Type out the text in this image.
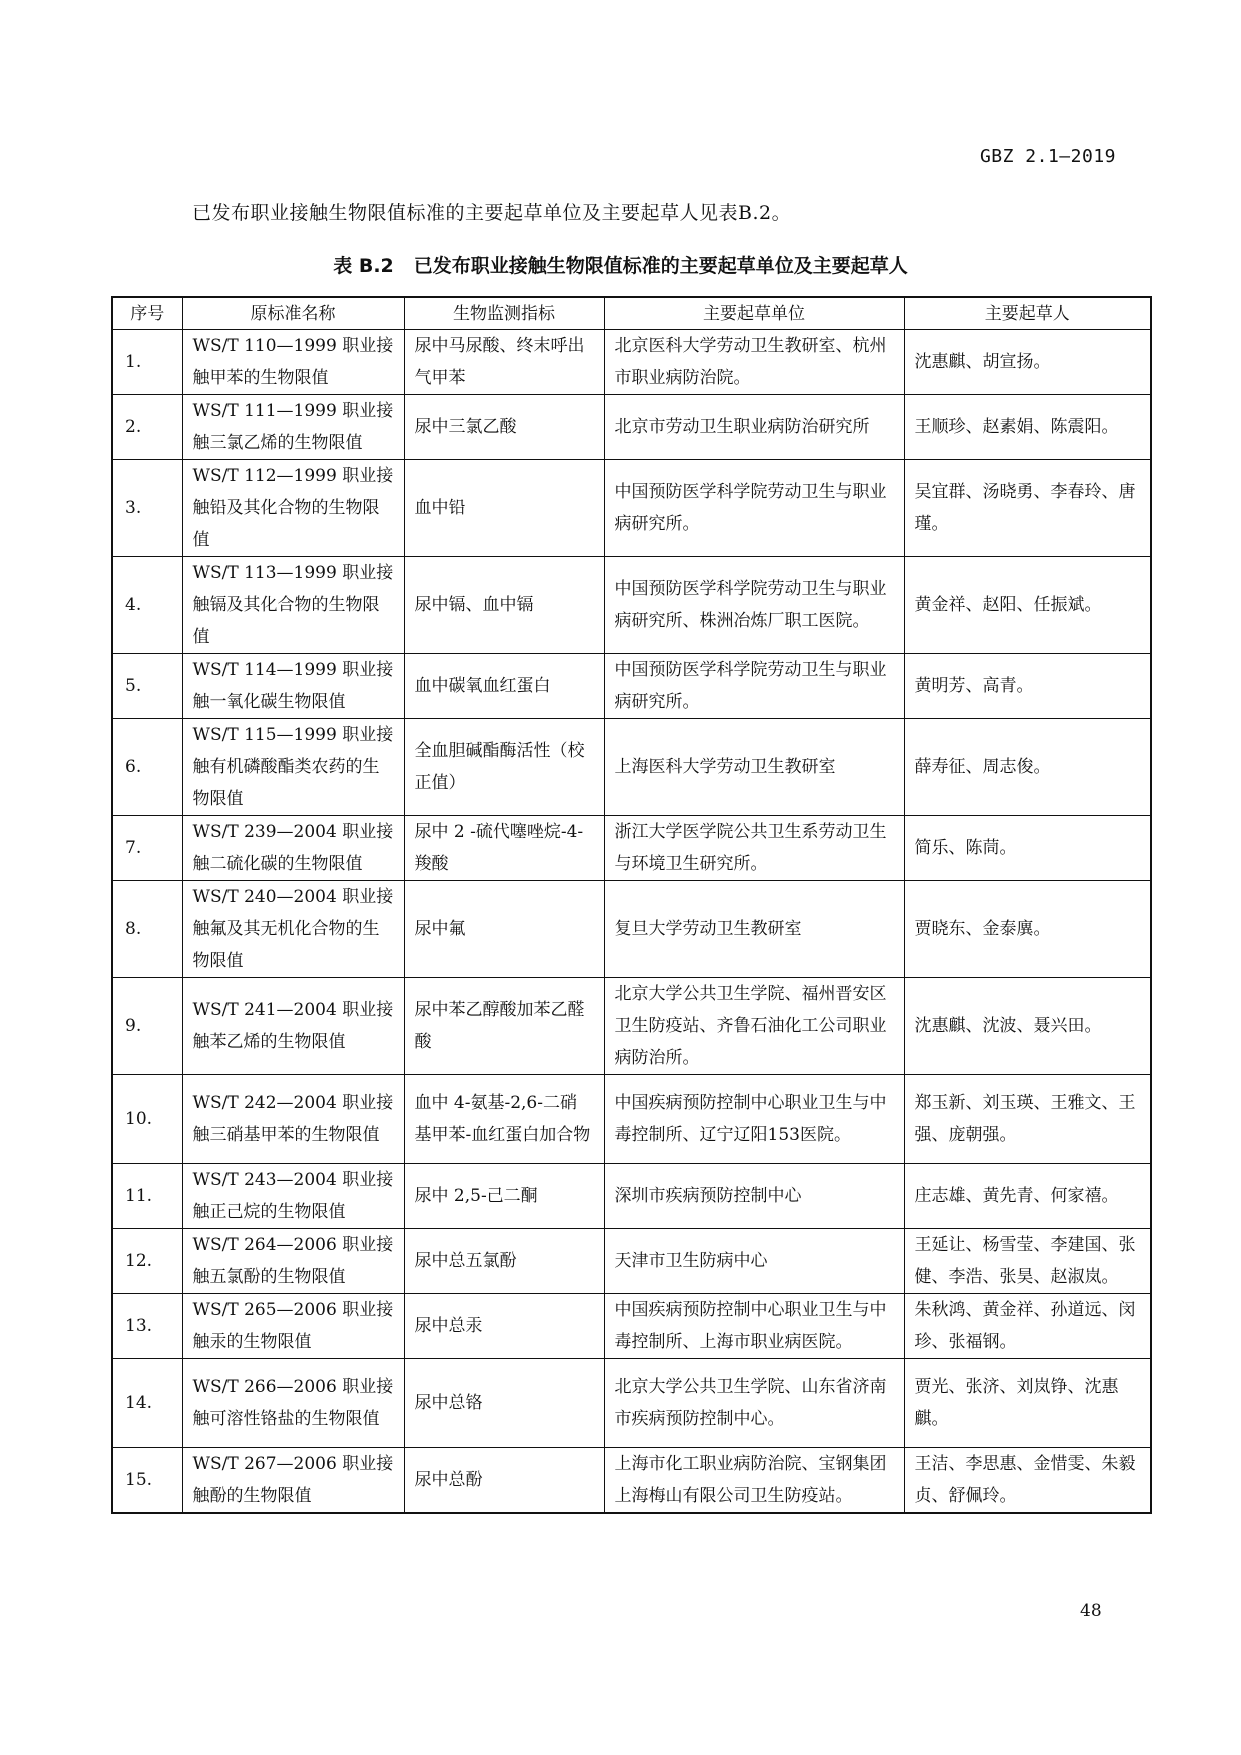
GBZ 2.1—2019
已发布职业接触生物限值标准的主要起草单位及主要起草人见表B.2。
表 B.2 已发布职业接触生物限值标准的主要起草单位及主要起草人
序号	原标准名称	生物监测指标	主要起草单位	主要起草人
1.	WS/T 110—1999 职业接触甲苯的生物限值	尿中马尿酸、终末呼出气甲苯	北京医科大学劳动卫生教研室、杭州市职业病防治院。	沈惠麒、胡宣扬。
2.	WS/T 111—1999 职业接触三氯乙烯的生物限值	尿中三氯乙酸	北京市劳动卫生职业病防治研究所	王顺珍、赵素娟、陈震阳。
3.	WS/T 112—1999 职业接触铅及其化合物的生物限值	血中铅	中国预防医学科学院劳动卫生与职业病研究所。	吴宜群、汤晓勇、李春玲、唐瑾。
4.	WS/T 113—1999 职业接触镉及其化合物的生物限值	尿中镉、血中镉	中国预防医学科学院劳动卫生与职业病研究所、株洲冶炼厂职工医院。	黄金祥、赵阳、任振斌。
5.	WS/T 114—1999 职业接触一氧化碳生物限值	血中碳氧血红蛋白	中国预防医学科学院劳动卫生与职业病研究所。	黄明芳、高青。
6.	WS/T 115—1999 职业接触有机磷酸酯类农药的生物限值	全血胆碱酯酶活性（校正值）	上海医科大学劳动卫生教研室	薛寿征、周志俊。
7.	WS/T 239—2004 职业接触二硫化碳的生物限值	尿中 2 -硫代噻唑烷-4-羧酸	浙江大学医学院公共卫生系劳动卫生与环境卫生研究所。	简乐、陈茼。
8.	WS/T 240—2004 职业接触氟及其无机化合物的生物限值	尿中氟	复旦大学劳动卫生教研室	贾晓东、金泰廙。
9.	WS/T 241—2004 职业接触苯乙烯的生物限值	尿中苯乙醇酸加苯乙醛酸	北京大学公共卫生学院、福州晋安区卫生防疫站、齐鲁石油化工公司职业病防治所。	沈惠麒、沈波、聂兴田。
10.	WS/T 242—2004 职业接触三硝基甲苯的生物限值	血中 4-氨基-2,6-二硝基甲苯-血红蛋白加合物	中国疾病预防控制中心职业卫生与中毒控制所、辽宁辽阳153医院。	郑玉新、刘玉瑛、王雅文、王强、庞朝强。
11.	WS/T 243—2004 职业接触正己烷的生物限值	尿中 2,5-己二酮	深圳市疾病预防控制中心	庄志雄、黄先青、何家禧。
12.	WS/T 264—2006 职业接触五氯酚的生物限值	尿中总五氯酚	天津市卫生防病中心	王延让、杨雪莹、李建国、张健、李浩、张昊、赵淑岚。
13.	WS/T 265—2006 职业接触汞的生物限值	尿中总汞	中国疾病预防控制中心职业卫生与中毒控制所、上海市职业病医院。	朱秋鸿、黄金祥、孙道远、闵珍、张福钢。
14.	WS/T 266—2006 职业接触可溶性铬盐的生物限值	尿中总铬	北京大学公共卫生学院、山东省济南市疾病预防控制中心。	贾光、张济、刘岚铮、沈惠麒。
15.	WS/T 267—2006 职业接触酚的生物限值	尿中总酚	上海市化工职业病防治院、宝钢集团上海梅山有限公司卫生防疫站。	王洁、李思惠、金惜雯、朱毅贞、舒佩玲。
48
